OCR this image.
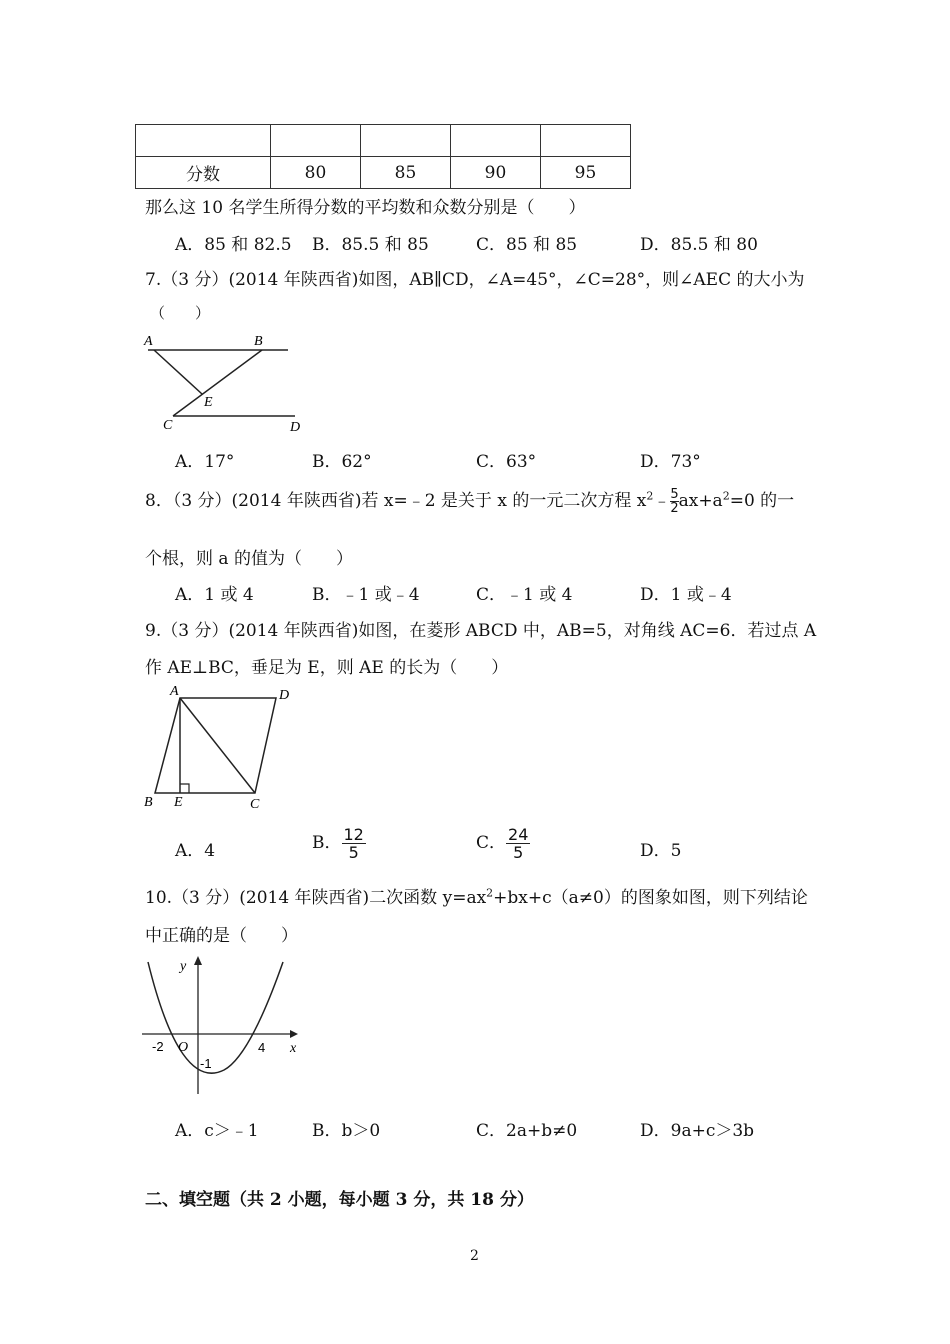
分数	80	85	90	95
那么这 10 名学生所得分数的平均数和众数分别是（　　）
A．85 和 82.5 B．85.5 和 85	C．85 和 85	D．85.5 和 80
7.（3 分）(2014 年陕西省)如图，AB∥CD，∠A=45°，∠C=28°，则∠AEC 的大小为
（　　）
A	B
E
C	D
A．17°	B．62°	C．63°	D．73°
8．（3 分）(2014 年陕西省)若 x=﹣2 是关于 x 的一元二次方程 $x^2﹣ \frac{5}{2} ax+a^2=0$ 的一
个根，则 a 的值为（　　）
A．1 或 4	B．﹣1 或﹣4	C．﹣1 或 4	D．1 或﹣4
9.（3 分）(2014 年陕西省)如图，在菱形 ABCD 中，AB=5，对角线 AC=6．若过点 A
作 AE⊥BC，垂足为 E，则 AE 的长为（　　）
A	D
B E	C
A．4	B． $\frac{12}{5}$	C． $\frac{24}{5}$	D．5
10.（3 分）(2014 年陕西省)二次函数 $y=ax^2+bx+c(a\ne 0)$的图象如图，则下列结论
中正确的是（　　）
y
x
O
-2	4
-1
A．c＞﹣1	B．b＞0	C．2a+b≠0	D．9a+c＞3b
二、填空题（共 2 小题，每小题 3 分，共 18 分）
2
